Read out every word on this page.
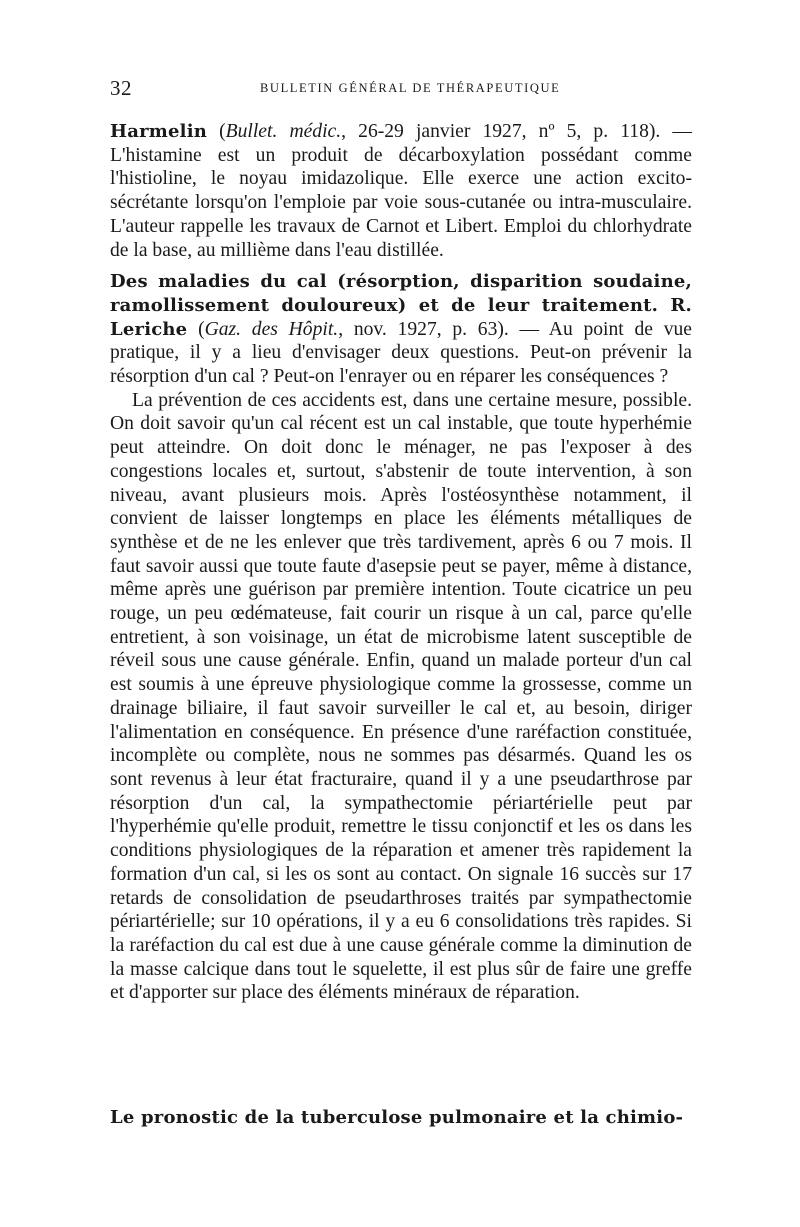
32	BULLETIN GÉNÉRAL DE THÉRAPEUTIQUE

Harmelin (Bullet. médic., 26-29 janvier 1927, nº 5, p. 118). — L'histamine est un produit de décarboxylation possédant comme l'histioline, le noyau imidazolique. Elle exerce une action excito-sécrétante lorsqu'on l'emploie par voie sous-cutanée ou intra-musculaire. L'auteur rappelle les travaux de Carnot et Libert. Emploi du chlorhydrate de la base, au millième dans l'eau distillée.

Des maladies du cal (résorption, disparition soudaine, ramollissement douloureux) et de leur traitement. R. Leriche (Gaz. des Hôpit., nov. 1927, p. 63). — Au point de vue pratique, il y a lieu d'envisager deux questions. Peut-on prévenir la résorption d'un cal ? Peut-on l'enrayer ou en réparer les conséquences ?

La prévention de ces accidents est, dans une certaine mesure, possible. On doit savoir qu'un cal récent est un cal instable, que toute hyperhémie peut atteindre. On doit donc le ménager, ne pas l'exposer à des congestions locales et, surtout, s'abstenir de toute intervention, à son niveau, avant plusieurs mois. Après l'ostéosynthèse notamment, il convient de laisser longtemps en place les éléments métalliques de synthèse et de ne les enlever que très tardivement, après 6 ou 7 mois. Il faut savoir aussi que toute faute d'asepsie peut se payer, même à distance, même après une guérison par première intention. Toute cicatrice un peu rouge, un peu œdémateuse, fait courir un risque à un cal, parce qu'elle entretient, à son voisinage, un état de microbisme latent susceptible de réveil sous une cause générale. Enfin, quand un malade porteur d'un cal est soumis à une épreuve physiologique comme la grossesse, comme un drainage biliaire, il faut savoir surveiller le cal et, au besoin, diriger l'alimentation en conséquence. En présence d'une raréfaction constituée, incomplète ou complète, nous ne sommes pas désarmés. Quand les os sont revenus à leur état fracturaire, quand il y a une pseudarthrose par résorption d'un cal, la sympathectomie périartérielle peut par l'hyperhémie qu'elle produit, remettre le tissu conjonctif et les os dans les conditions physiologiques de la réparation et amener très rapidement la formation d'un cal, si les os sont au contact. On signale 16 succès sur 17 retards de consolidation de pseudarthroses traités par sympathectomie périartérielle; sur 10 opérations, il y a eu 6 consolidations très rapides. Si la raréfaction du cal est due à une cause générale comme la diminution de la masse calcique dans tout le squelette, il est plus sûr de faire une greffe et d'apporter sur place des éléments minéraux de réparation.

Le pronostic de la tuberculose pulmonaire et la chimio-
